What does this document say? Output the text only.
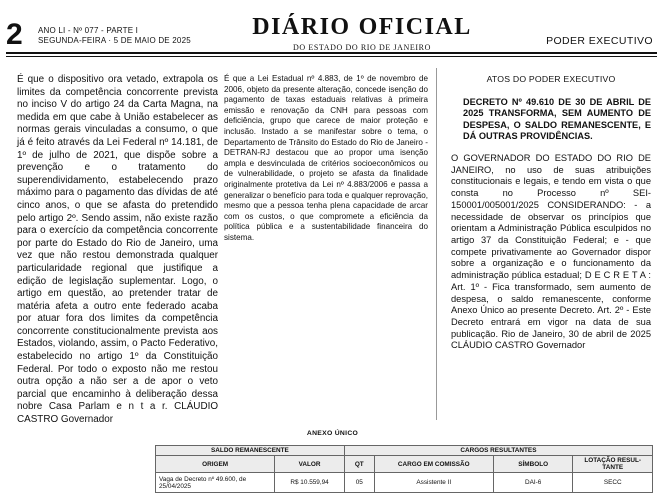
2 ANO LI - Nº 077 - PARTE I
SEGUNDA-FEIRA · 5 DE MAIO DE 2025
DIÁRIO OFICIAL
DO ESTADO DO RIO DE JANEIRO
PODER EXECUTIVO

É que o dispositivo ora vetado, extrapola os limites da competência concorrente prevista no inciso V do artigo 24 da Carta Magna, na medida em que cabe à União estabelecer as normas gerais vinculadas a consumo, o que já é feito através da Lei Federal nº 14.181, de 1º de julho de 2021, que dispõe sobre a prevenção e o tratamento do superendividamento, estabelecendo prazo máximo para o pagamento das dívidas de até cinco anos, o que se afasta do pretendido pelo artigo 2º. Sendo assim, não existe razão para o exercício da competência concorrente por parte do Estado do Rio de Janeiro, uma vez que não restou demonstrada qualquer particularidade regional que justifique a edição de legislação suplementar. Logo, o artigo em questão, ao pretender tratar de matéria afeta a outro ente federado acaba por atuar fora dos limites da competência concorrente constitucionalmente prevista aos Estados, violando, assim, o Pacto Federativo, estabelecido no artigo 1º da Constituição Federal. Por todo o exposto não me restou outra opção a não ser a de apor o veto parcial que encaminho à deliberação dessa nobre Casa Parlam e n t a r. CLÁUDIO CASTRO Governador

É que a Lei Estadual nº 4.883, de 1º de novembro de 2006, objeto da presente alteração, concede isenção do pagamento de taxas estaduais relativas à primeira emissão e renovação da CNH para pessoas com deficiência, grupo que carece de maior proteção e inclusão. Instado a se manifestar sobre o tema, o Departamento de Trânsito do Estado do Rio de Janeiro - DETRAN-RJ destacou que ao propor uma isenção ampla e desvinculada de critérios socioeconômicos ou de vulnerabilidade, o projeto se afasta da finalidade originalmente protetiva da Lei nº 4.883/2006 e passa a generalizar o benefício para toda e qualquer reprovação, mesmo que a pessoa tenha plena capacidade de arcar com os custos, o que compromete a eficiência da política pública e a sustentabilidade financeira do sistema.

ATOS DO PODER EXECUTIVO
DECRETO Nº 49.610 DE 30 DE ABRIL DE 2025 TRANSFORMA, SEM AUMENTO DE DESPESA, O SALDO REMANESCENTE, E DÁ OUTRAS PROVIDÊNCIAS.
O GOVERNADOR DO ESTADO DO RIO DE JANEIRO, no uso de suas atribuições constitucionais e legais, e tendo em vista o que consta no Processo nº SEI-150001/005001/2025 CONSIDERANDO: - a necessidade de observar os princípios que orientam a Administração Pública esculpidos no artigo 37 da Constituição Federal; e - que compete privativamente ao Governador dispor sobre a organização e o funcionamento da administração pública estadual; D E C R E T A : Art. 1º - Fica transformado, sem aumento de despesa, o saldo remanescente, conforme Anexo Único ao presente Decreto. Art. 2º - Este Decreto entrará em vigor na data de sua publicação. Rio de Janeiro, 30 de abril de 2025 CLÁUDIO CASTRO Governador
ANEXO ÚNICO
SALDO REMANESCENTE		CARGOS RESULTANTES			
ORIGEM	VALOR	QT	CARGO EM COMISSÃO	SÍMBOLO	LOTAÇÃO RESUL-TANTE
Vaga de Decreto nº 49.600, de 25/04/2025	R$ 10.559,94	05	Assistente II	DAI-6	SECC
